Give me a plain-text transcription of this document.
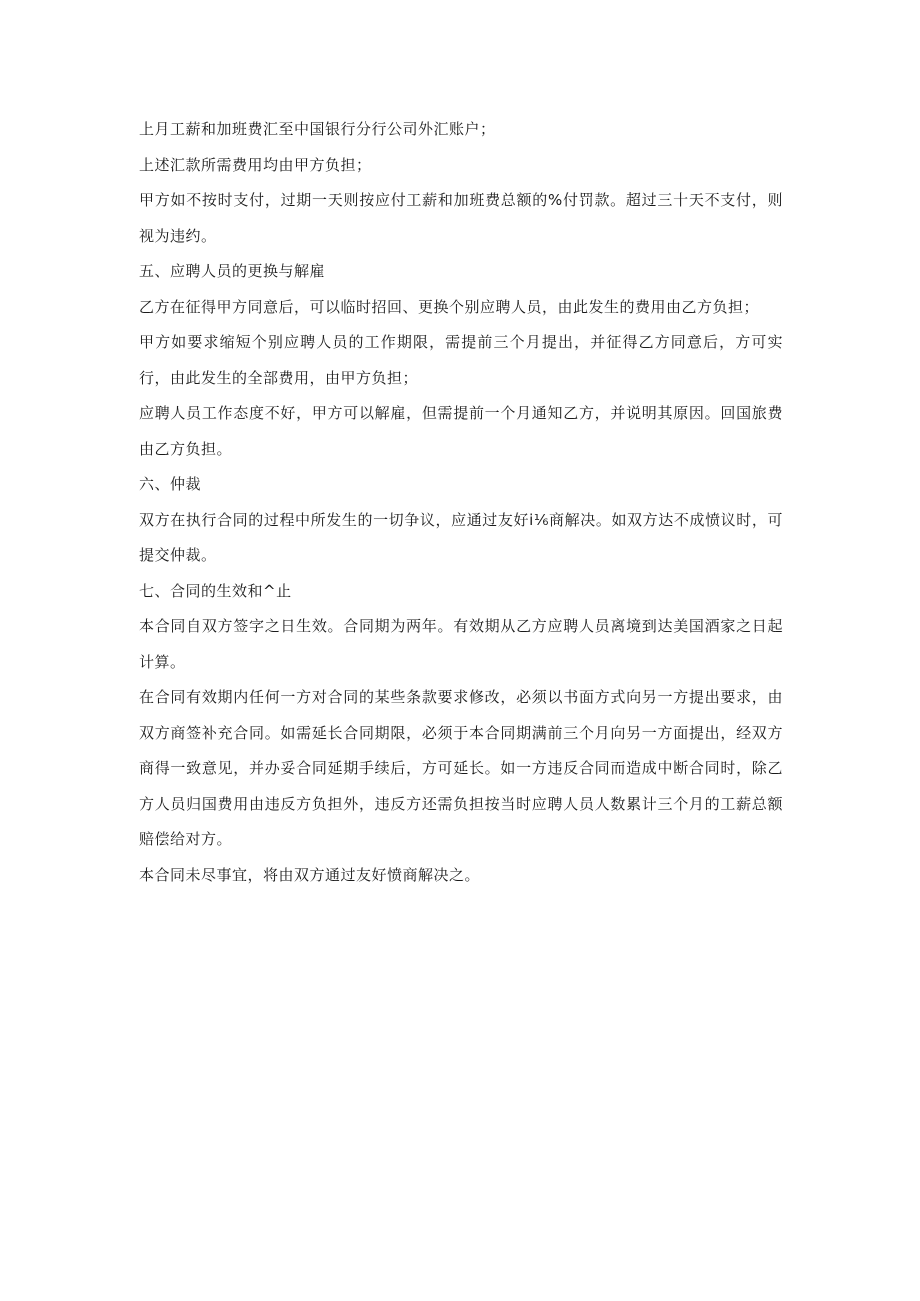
上月工薪和加班费汇至中国银行分行公司外汇账户；

上述汇款所需费用均由甲方负担；

甲方如不按时支付，过期一天则按应付工薪和加班费总额的%付罚款。超过三十天不支付，则视为违约。

五、应聘人员的更换与解雇

乙方在征得甲方同意后，可以临时招回、更换个别应聘人员，由此发生的费用由乙方负担；

甲方如要求缩短个别应聘人员的工作期限，需提前三个月提出，并征得乙方同意后，方可实行，由此发生的全部费用，由甲方负担；

应聘人员工作态度不好，甲方可以解雇，但需提前一个月通知乙方，并说明其原因。回国旅费由乙方负担。

六、仲裁

双方在执行合同的过程中所发生的一切争议，应通过友好i⅙商解决。如双方达不成愤议时，可提交仲裁。

七、合同的生效和^止

本合同自双方签字之日生效。合同期为两年。有效期从乙方应聘人员离境到达美国酒家之日起计算。

在合同有效期内任何一方对合同的某些条款要求修改，必须以书面方式向另一方提出要求，由双方商签补充合同。如需延长合同期限，必须于本合同期满前三个月向另一方面提出，经双方商得一致意见，并办妥合同延期手续后，方可延长。如一方违反合同而造成中断合同时，除乙方人员归国费用由违反方负担外，违反方还需负担按当时应聘人员人数累计三个月的工薪总额赔偿给对方。

本合同未尽事宜，将由双方通过友好愤商解决之。
